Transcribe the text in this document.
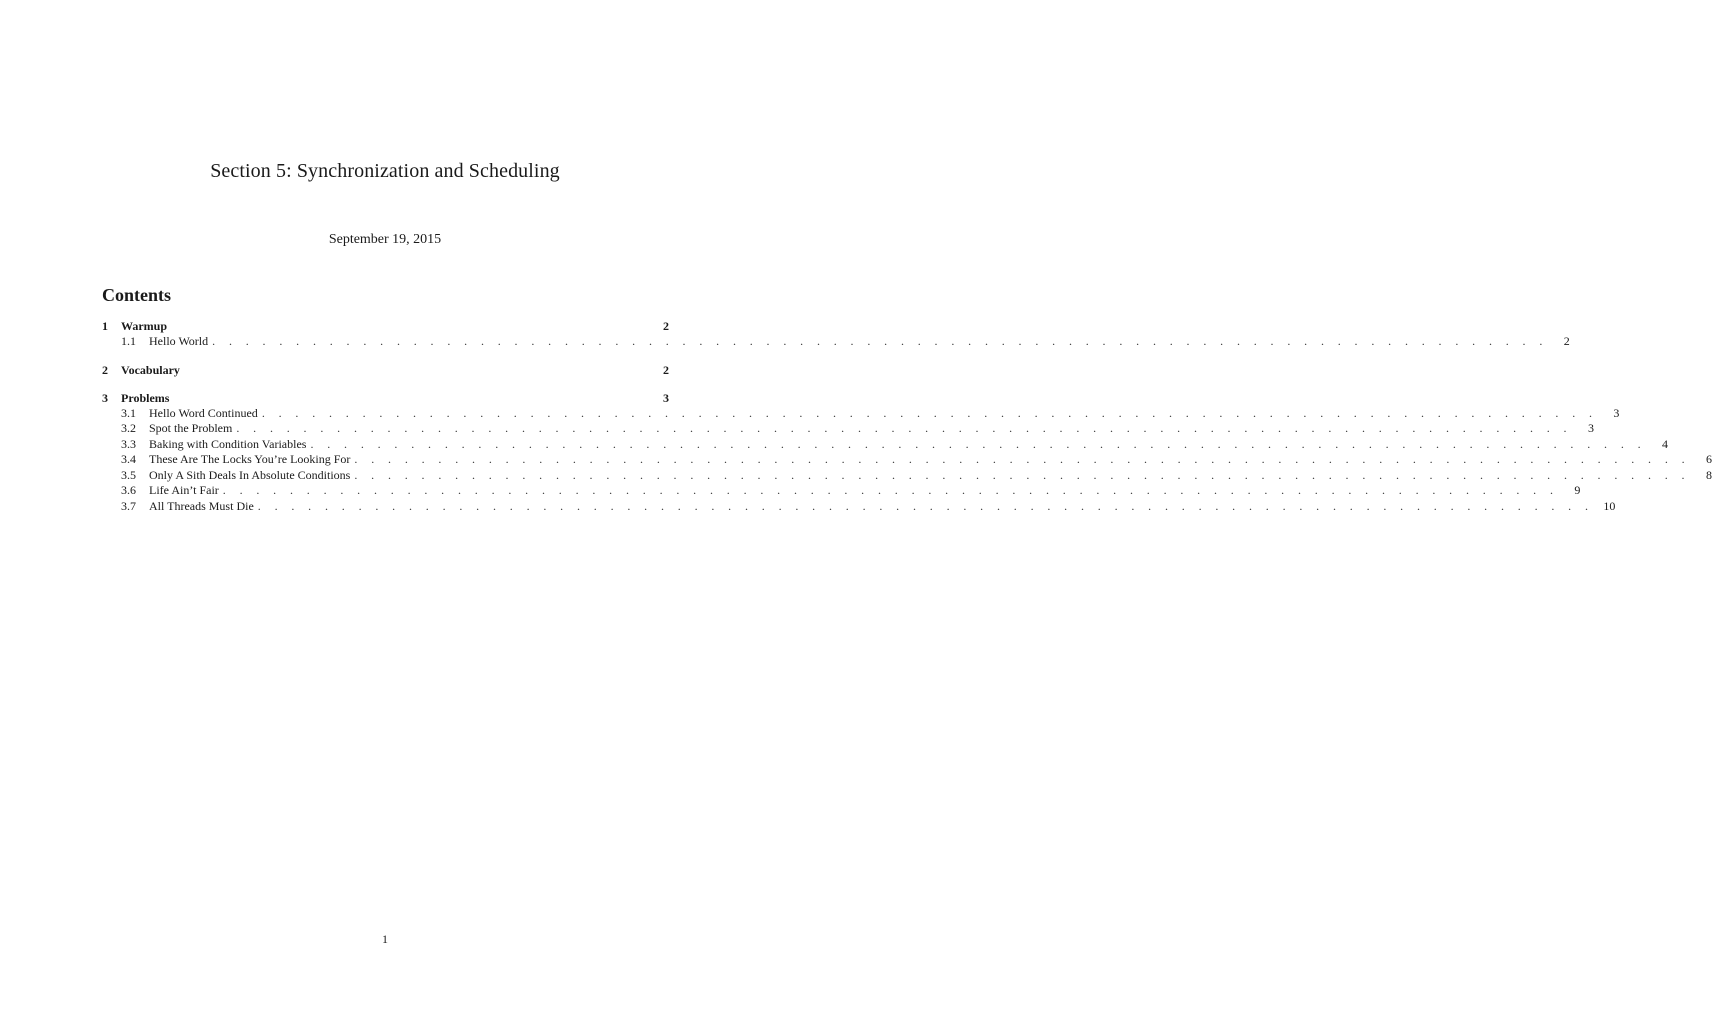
Section 5: Synchronization and Scheduling
September 19, 2015
Contents
1	Warmup	2
1.1	Hello World . . . . . . . . . . . . . . . . . . . . . . . . . . . . . . . . . . . . . . . . . . . . . . . . . . . . . . . . . . . . . . . . . . . . . . . . . . . . . . . .	2
2	Vocabulary	2
3	Problems	3
3.1	Hello Word Continued . . . . . . . . . . . . . . . . . . . . . . . . . . . . . . . . . . . . . . . . . . . . . . . . . . . . . . . . . . . . . . . . . . . . . . . . . . . . . . . .	3
3.2	Spot the Problem . . . . . . . . . . . . . . . . . . . . . . . . . . . . . . . . . . . . . . . . . . . . . . . . . . . . . . . . . . . . . . . . . . . . . . . . . . . . . . . .	3
3.3	Baking with Condition Variables . . . . . . . . . . . . . . . . . . . . . . . . . . . . . . . . . . . . . . . . . . . . . . . . . . . . . . . . . . . . . . . . . . . . . . . . . . . . . . . .	4
3.4	These Are The Locks You’re Looking For . . . . . . . . . . . . . . . . . . . . . . . . . . . . . . . . . . . . . . . . . . . . . . . . . . . . . . . . . . . . . . . . . . . . . . . . . . . . . . . .	6
3.5	Only A Sith Deals In Absolute Conditions . . . . . . . . . . . . . . . . . . . . . . . . . . . . . . . . . . . . . . . . . . . . . . . . . . . . . . . . . . . . . . . . . . . . . . . . . . . . . . . .	8
3.6	Life Ain’t Fair . . . . . . . . . . . . . . . . . . . . . . . . . . . . . . . . . . . . . . . . . . . . . . . . . . . . . . . . . . . . . . . . . . . . . . . . . . . . . . . .	9
3.7	All Threads Must Die . . . . . . . . . . . . . . . . . . . . . . . . . . . . . . . . . . . . . . . . . . . . . . . . . . . . . . . . . . . . . . . . . . . . . . . . . . . . . . . . 10
1
